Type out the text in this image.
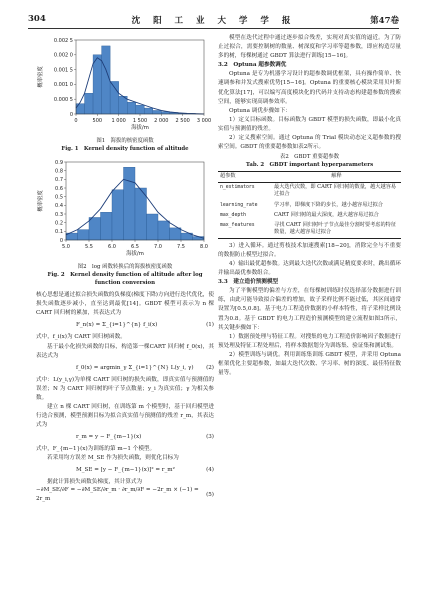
304	沈 阳 工 业 大 学 学 报	第47卷
0	500 1 000 1 500 2 000 2 500 3 000
0
0.000 5
0.001 0
0.001 5
0.002 0
0.002 5
海拔/m
概率密度
图1　海拔的核密度函数
Fig. 1　Kernel density function of altitude
5.0	5.5	6.0	6.5	7.0	7.5	8.0
0
0.1
0.2
0.3
0.4
0.5
0.6
0.7
0.8
0.9
海拔/m
概率密度
图2　log 函数转换后的海拔核密度函数
Fig. 2　Kernel density function of altitude after log function conversion

核心思想是通过拟合损失函数的负梯度(梯度下降)方向进行迭代优化，使损失函数逐步减小，直至达到最优[14]。GBDT 模型可表示为 n 棵 CART 回归树的累加，其表达式为

F_n(x) = Σ_{i=1}^{n} f_i(x)	(1)

式中，f_i(x)为 CART 回归树函数。

基于最小化损失函数的目标，构造第一棵CART 回归树 f_0(x)，其表达式为

f_0(x) = argmin_γ Σ_{i=1}^{N} L(y_i, γ)	(2)

式中：L(y_i,γ)为单棵 CART 回归树的损失函数，即真实值与预测值的误差；N 为 CART 回归树的叶子节点数量；y_i 为真实值；γ 为相关参数。

建立 n 棵 CART 回归树，在训练第 m 个模型时，基于回归模型进行迭合预测，模型预测目标为拟合真实值与预测值的残差 r_m，其表达式为

r_m = y − F_{m−1}(x)	(3)

式中，F_{m−1}(x)为训练的第 m−1 个模型。

若采用均方误差 M_SE 作为损失函数，则优化目标为

M_SE = [y − F_{m−1}(x)]² = r_m²	(4)

据此计算损失函数负梯度，其计算式为

−∂M_SE/∂F = −∂M_SE/∂r_m · ∂r_m/∂F = −2r_m × (−1) = 2r_m
(5)

模型在迭代过程中通过逐步拟合残差，实现对真实值的逼近。为了防止过拟合，需要控制树的数量、树深度和学习率等超参数，即应构造尽量多的树，每棵树通过 GBDT 算法进行训练[15−16]。

3.2　Optuna 超参数调优

Optuna 是专为机器学习设计的超参数调优框架，具有操作简单、快速调参和并发式搜索优势[15−16]。Optuna 的重要核心模块采用贝叶斯优化算法[17]，可以编写高度模块化的代码并支持动态构建超参数的搜索空间，能够实现高调参效率。

Optuna 调优步骤如下：

1）定义目标函数。目标函数为 GBDT 模型的损失函数，即最小化真实值与预测值的残差。

2）定义搜索空间。通过 Optuna 的 Trial 模块动态定义超参数的搜索空间。GBDT 的重要超参数如表2所示。

表2　GBDT 重要超参数
Tab. 2　GBDT important hyperparameters
超参数	解释
n_estimators	最大迭代次数，即 CART 回归树的数量，越大越容易过拟合
learning_rate	学习率，即梯度下降的步长，越小越容易过拟合
max_depth	CART 回归树的最大深度，越大越容易过拟合
max_features	寻找 CART 回归树叶子节点最佳分割时要考虑的特征数量，越大越容易过拟合

3）进入循环。通过剪枝技术加速搜索[18−20]，消除完全与不重要的数据防止模型过拟合。

4）输出最优超参数。达到最大迭代次数或满足精度要求时，跳出循环并输出最优参数组合。

3.3　建立造价预测模型

为了平衡模型的偏差与方差，在每棵树训练时仅选择部分数据进行训练，由此可能导致拟合偏差的增加，故子采样比例不能过低，其区间通常设置为[0.5,0.8]。基于电力工程造价数据的小样本特性，将子采样比例设置为0.8。基于 GBDT 的电力工程造价预测模型的建立流程如图3所示，其关键步骤如下：

1）数据预处理与特征工程。对搜集的电力工程造价影响因子数据进行预处理及特征工程处理后，将样本数据划分为训练集、验证集和测试集。

2）模型训练与调优。利用训练集训练 GBDT 模型，并采用 Optuna 框架优化主要超参数，如最大迭代次数、学习率、树的深度、最佳特征数量等。
